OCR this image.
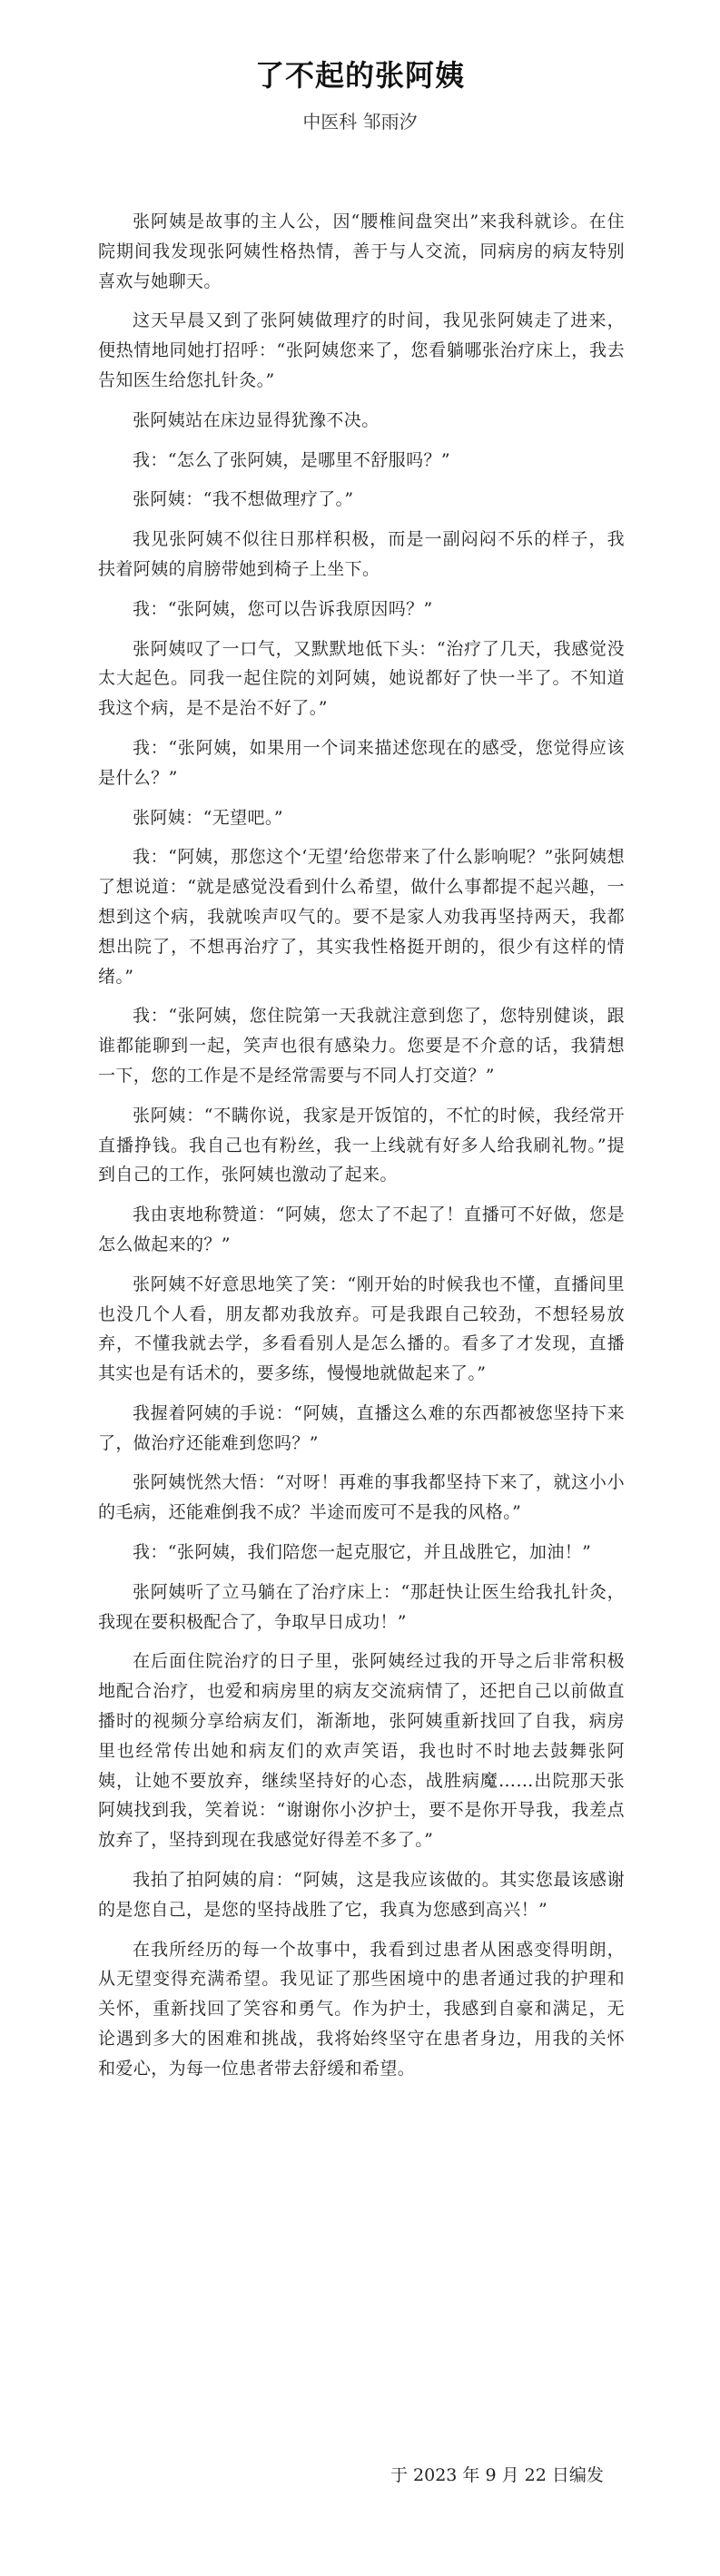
了不起的张阿姨
中医科 邹雨汐

张阿姨是故事的主人公，因“腰椎间盘突出”来我科就诊。在住院期间我发现张阿姨性格热情，善于与人交流，同病房的病友特别喜欢与她聊天。

这天早晨又到了张阿姨做理疗的时间，我见张阿姨走了进来，便热情地同她打招呼：“张阿姨您来了，您看躺哪张治疗床上，我去告知医生给您扎针灸。”

张阿姨站在床边显得犹豫不决。

我：“怎么了张阿姨，是哪里不舒服吗？”

张阿姨：“我不想做理疗了。”

我见张阿姨不似往日那样积极，而是一副闷闷不乐的样子，我扶着阿姨的肩膀带她到椅子上坐下。

我：“张阿姨，您可以告诉我原因吗？”

张阿姨叹了一口气，又默默地低下头：“治疗了几天，我感觉没太大起色。同我一起住院的刘阿姨，她说都好了快一半了。不知道我这个病，是不是治不好了。”

我：“张阿姨，如果用一个词来描述您现在的感受，您觉得应该是什么？”

张阿姨：“无望吧。”

我：“阿姨，那您这个‘无望’给您带来了什么影响呢？”张阿姨想了想说道：“就是感觉没看到什么希望，做什么事都提不起兴趣，一想到这个病，我就唉声叹气的。要不是家人劝我再坚持两天，我都想出院了，不想再治疗了，其实我性格挺开朗的，很少有这样的情绪。”

我：“张阿姨，您住院第一天我就注意到您了，您特别健谈，跟谁都能聊到一起，笑声也很有感染力。您要是不介意的话，我猜想一下，您的工作是不是经常需要与不同人打交道？”

张阿姨：“不瞒你说，我家是开饭馆的，不忙的时候，我经常开直播挣钱。我自己也有粉丝，我一上线就有好多人给我刷礼物。”提到自己的工作，张阿姨也激动了起来。

我由衷地称赞道：“阿姨，您太了不起了！直播可不好做，您是怎么做起来的？”

张阿姨不好意思地笑了笑：“刚开始的时候我也不懂，直播间里也没几个人看，朋友都劝我放弃。可是我跟自己较劲，不想轻易放弃，不懂我就去学，多看看别人是怎么播的。看多了才发现，直播其实也是有话术的，要多练，慢慢地就做起来了。”

我握着阿姨的手说：“阿姨，直播这么难的东西都被您坚持下来了，做治疗还能难到您吗？”

张阿姨恍然大悟：“对呀！再难的事我都坚持下来了，就这小小的毛病，还能难倒我不成？半途而废可不是我的风格。”

我：“张阿姨，我们陪您一起克服它，并且战胜它，加油！”

张阿姨听了立马躺在了治疗床上：“那赶快让医生给我扎针灸，我现在要积极配合了，争取早日成功！”

在后面住院治疗的日子里，张阿姨经过我的开导之后非常积极地配合治疗，也爱和病房里的病友交流病情了，还把自己以前做直播时的视频分享给病友们，渐渐地，张阿姨重新找回了自我，病房里也经常传出她和病友们的欢声笑语，我也时不时地去鼓舞张阿姨，让她不要放弃，继续坚持好的心态，战胜病魔……出院那天张阿姨找到我，笑着说：“谢谢你小汐护士，要不是你开导我，我差点放弃了，坚持到现在我感觉好得差不多了。”

我拍了拍阿姨的肩：“阿姨，这是我应该做的。其实您最该感谢的是您自己，是您的坚持战胜了它，我真为您感到高兴！”

在我所经历的每一个故事中，我看到过患者从困惑变得明朗，从无望变得充满希望。我见证了那些困境中的患者通过我的护理和关怀，重新找回了笑容和勇气。作为护士，我感到自豪和满足，无论遇到多大的困难和挑战，我将始终坚守在患者身边，用我的关怀和爱心，为每一位患者带去舒缓和希望。

于 2023 年 9 月 22 日编发
